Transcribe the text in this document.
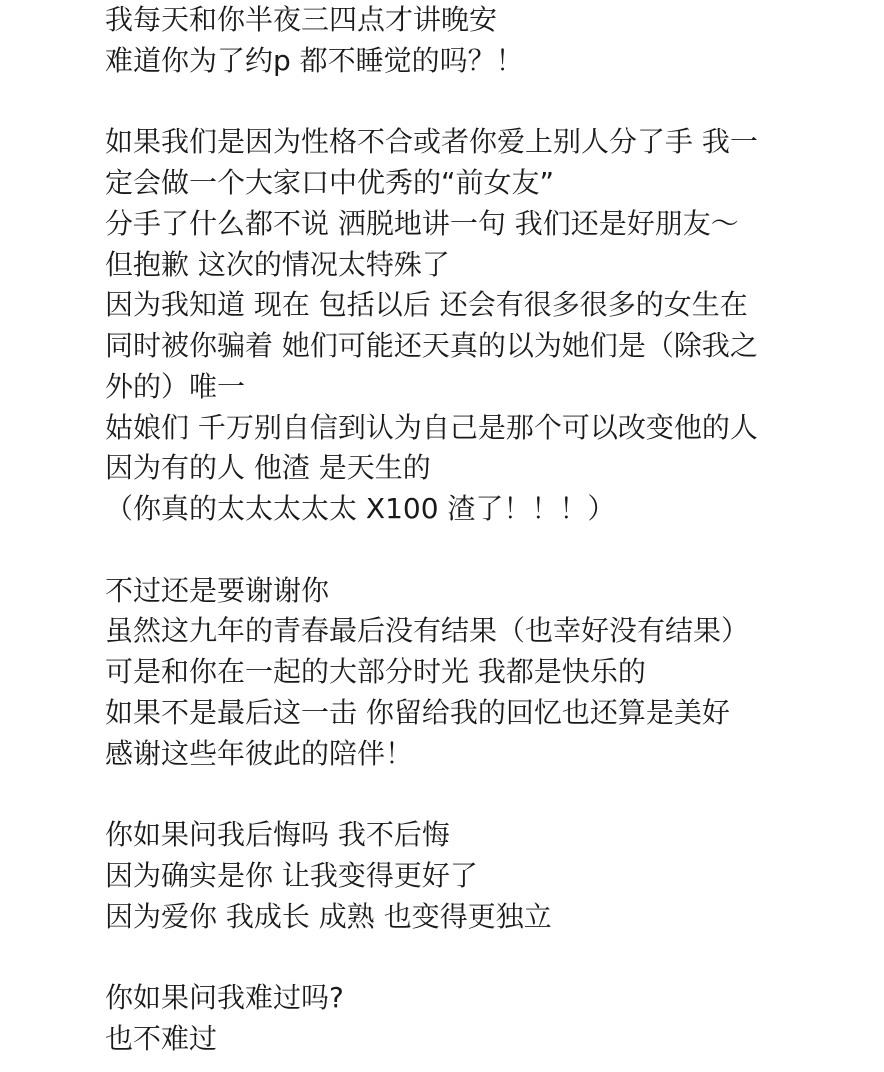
我每天和你半夜三四点才讲晚安
难道你为了约p 都不睡觉的吗？！
如果我们是因为性格不合或者你爱上别人分了手 我一
定会做一个大家口中优秀的“前女友”
分手了什么都不说 洒脱地讲一句 我们还是好朋友～
但抱歉 这次的情况太特殊了
因为我知道 现在 包括以后 还会有很多很多的女生在
同时被你骗着 她们可能还天真的以为她们是（除我之
外的）唯一
姑娘们 千万别自信到认为自己是那个可以改变他的人
因为有的人 他渣 是天生的
（你真的太太太太太 X100 渣了！！！）
不过还是要谢谢你
虽然这九年的青春最后没有结果（也幸好没有结果）
可是和你在一起的大部分时光 我都是快乐的
如果不是最后这一击 你留给我的回忆也还算是美好
感谢这些年彼此的陪伴！
你如果问我后悔吗 我不后悔
因为确实是你 让我变得更好了
因为爱你 我成长 成熟 也变得更独立
你如果问我难过吗?
也不难过
